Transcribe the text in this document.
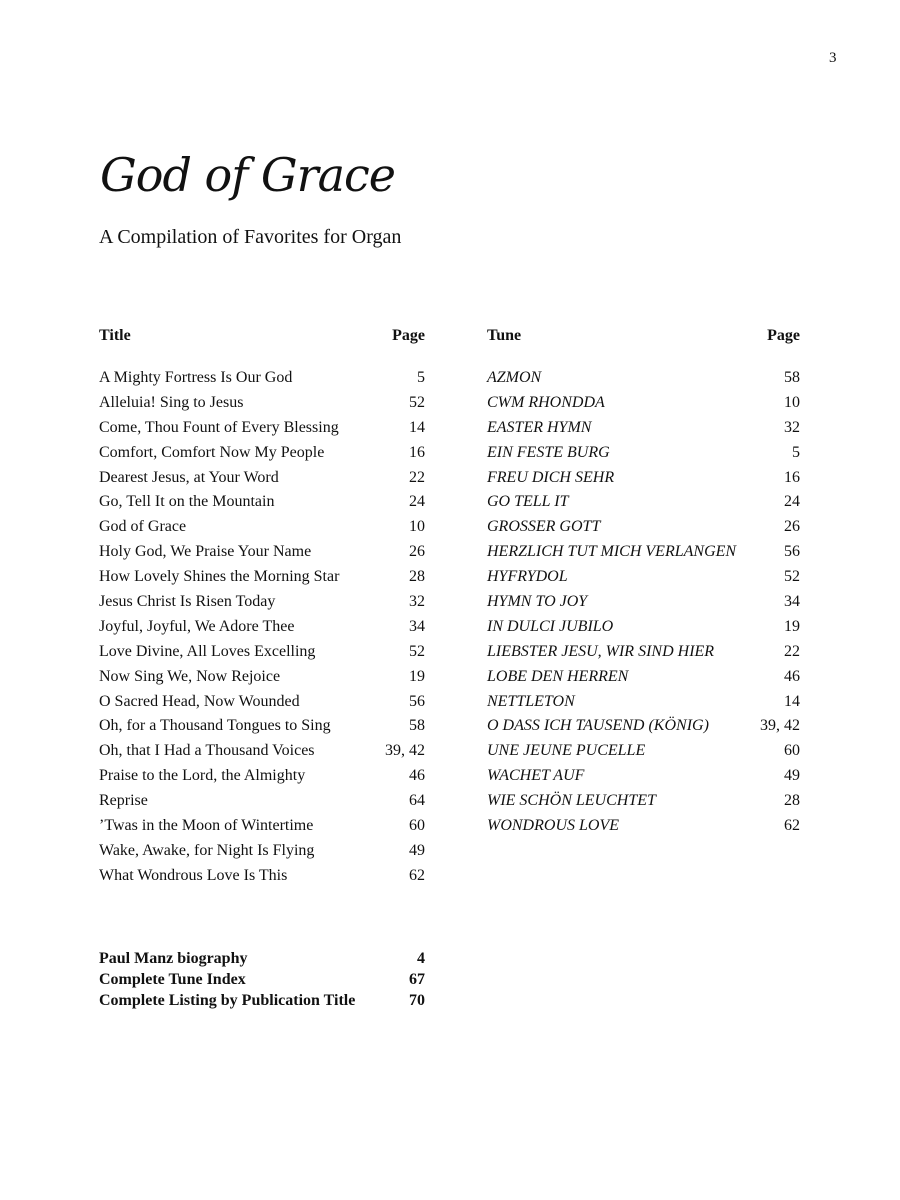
3
God of Grace
A Compilation of Favorites for Organ
Title	Page
A Mighty Fortress Is Our God	5
Alleluia! Sing to Jesus	52
Come, Thou Fount of Every Blessing	14
Comfort, Comfort Now My People	16
Dearest Jesus, at Your Word	22
Go, Tell It on the Mountain	24
God of Grace	10
Holy God, We Praise Your Name	26
How Lovely Shines the Morning Star	28
Jesus Christ Is Risen Today	32
Joyful, Joyful, We Adore Thee	34
Love Divine, All Loves Excelling	52
Now Sing We, Now Rejoice	19
O Sacred Head, Now Wounded	56
Oh, for a Thousand Tongues to Sing	58
Oh, that I Had a Thousand Voices	39, 42
Praise to the Lord, the Almighty	46
Reprise	64
’Twas in the Moon of Wintertime	60
Wake, Awake, for Night Is Flying	49
What Wondrous Love Is This	62
Tune	Page
AZMON	58
CWM RHONDDA	10
EASTER HYMN	32
EIN FESTE BURG	5
FREU DICH SEHR	16
GO TELL IT	24
GROSSER GOTT	26
HERZLICH TUT MICH VERLANGEN	56
HYFRYDOL	52
HYMN TO JOY	34
IN DULCI JUBILO	19
LIEBSTER JESU, WIR SIND HIER	22
LOBE DEN HERREN	46
NETTLETON	14
O DASS ICH TAUSEND (KÖNIG)	39, 42
UNE JEUNE PUCELLE	60
WACHET AUF	49
WIE SCHÖN LEUCHTET	28
WONDROUS LOVE	62
Paul Manz biography	4
Complete Tune Index	67
Complete Listing by Publication Title	70
